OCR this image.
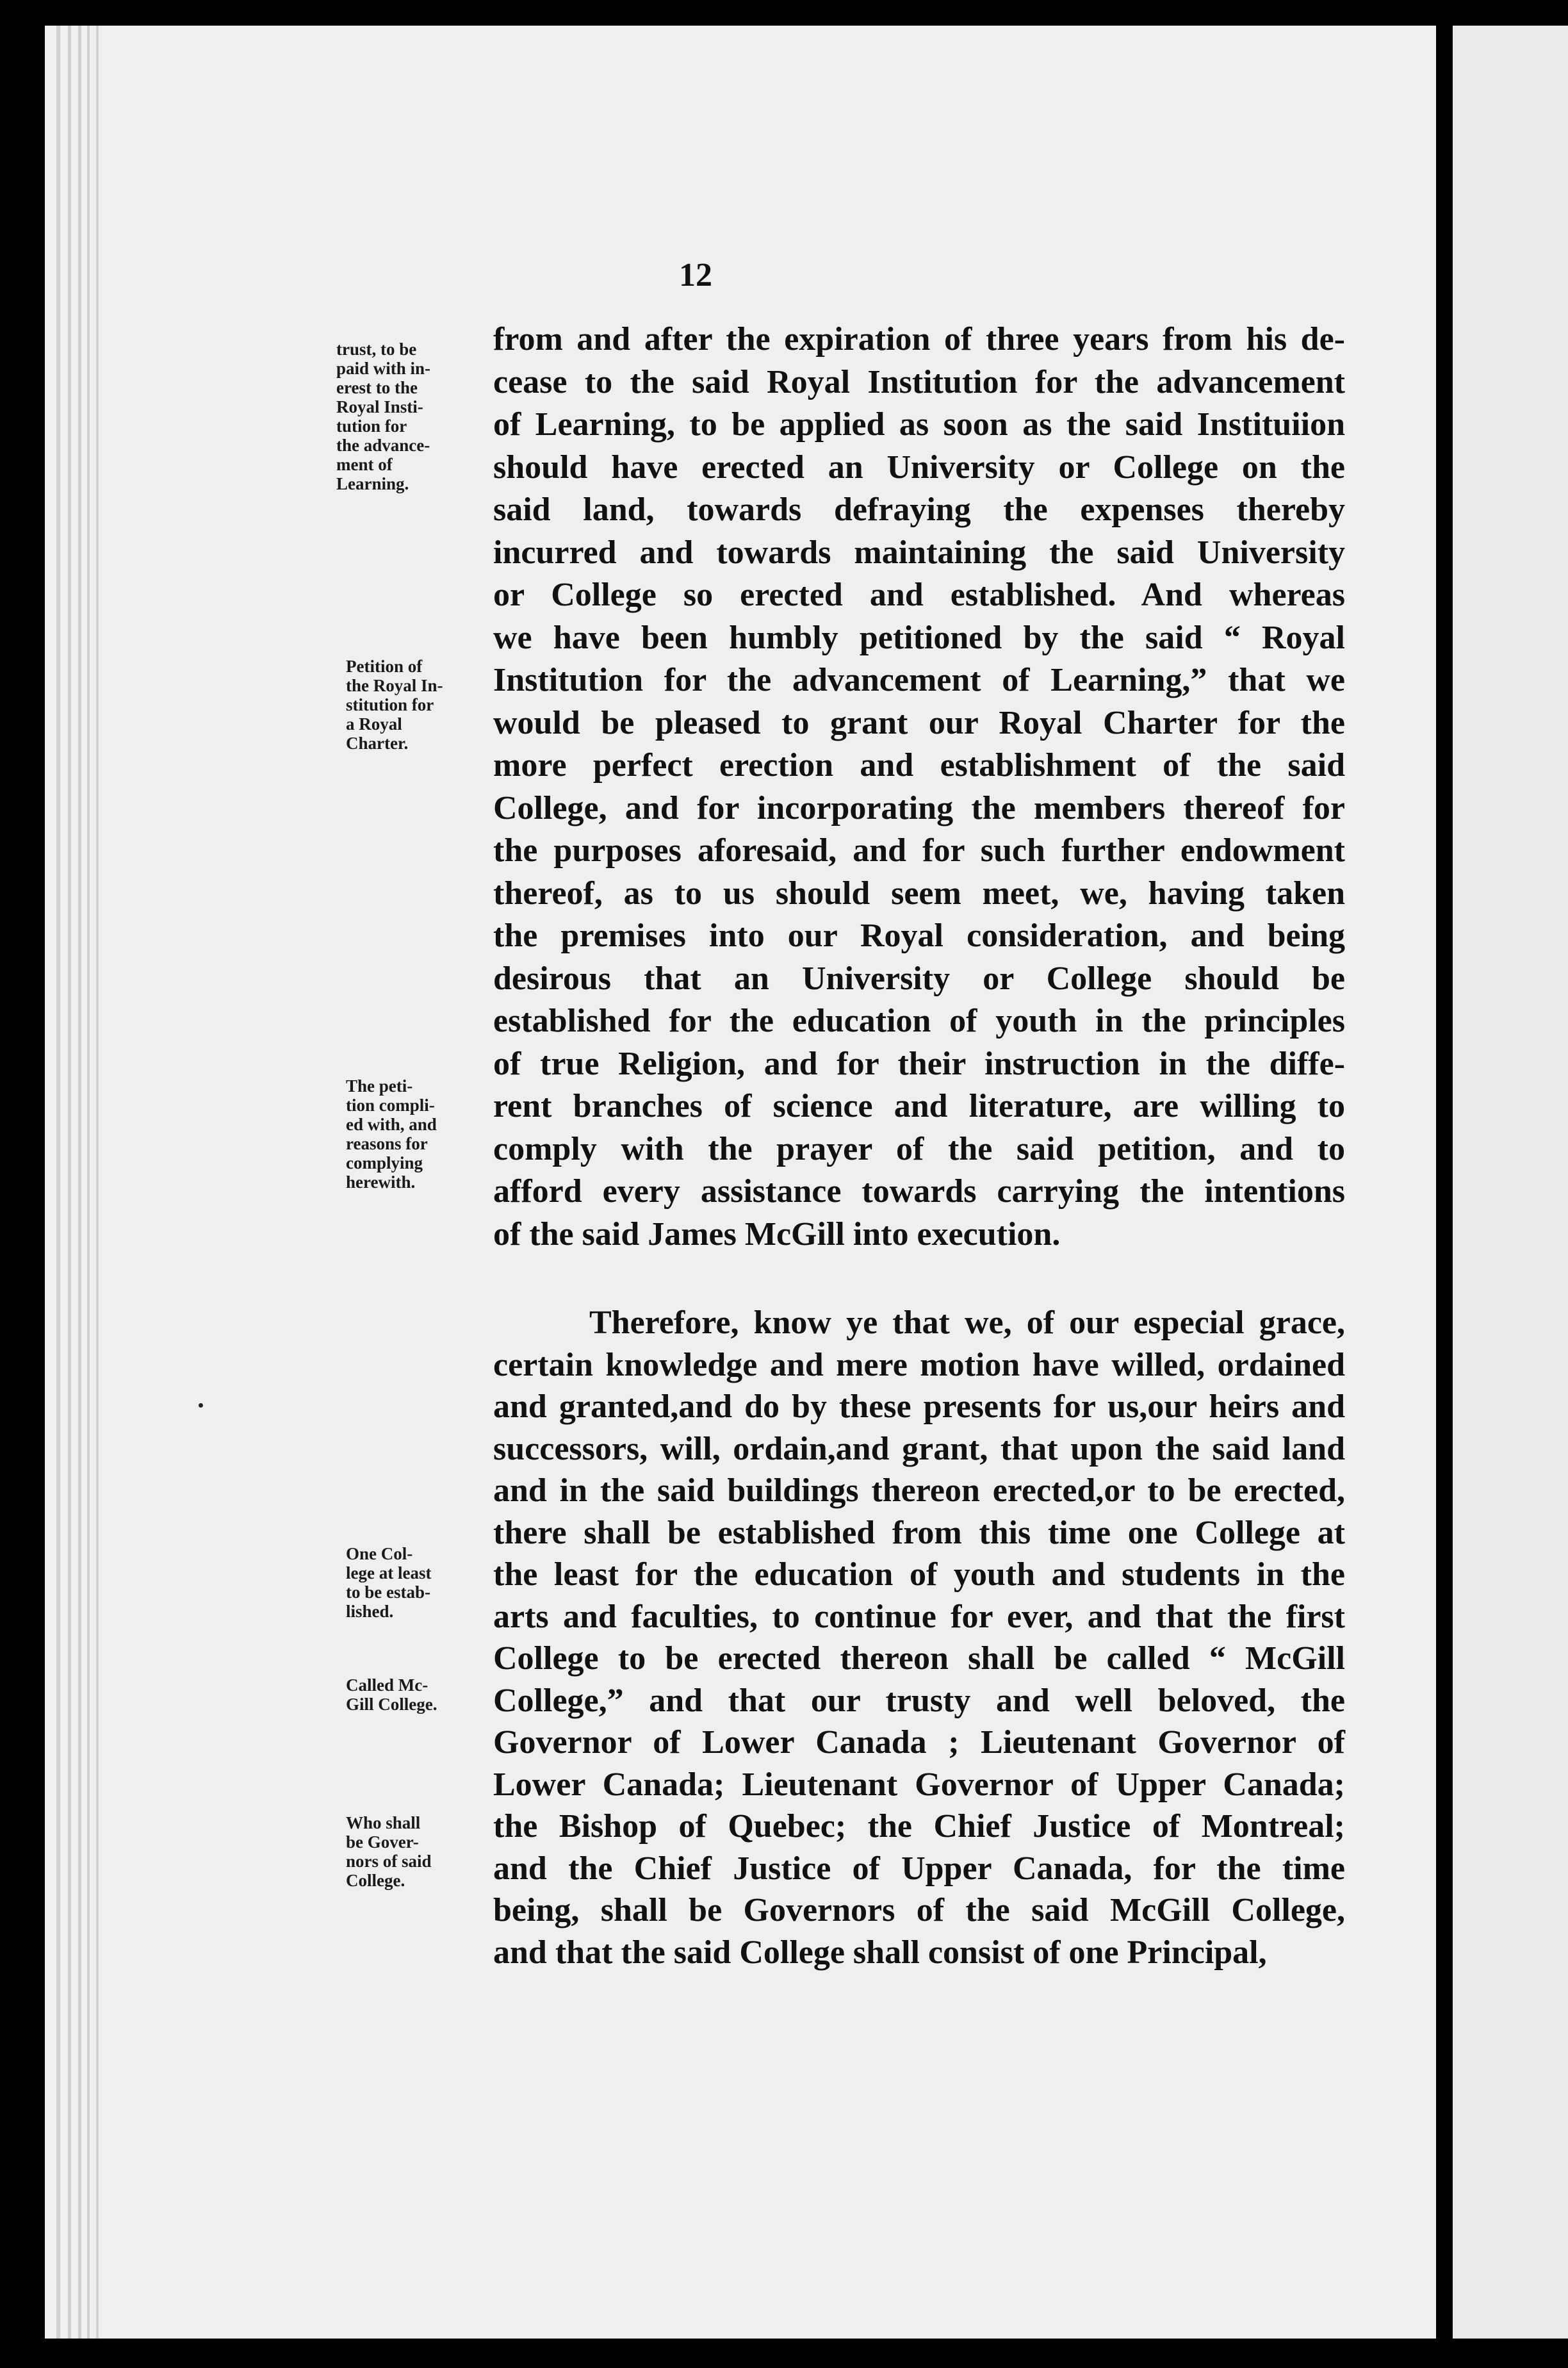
12
from and after the expiration of three years from his de-
cease to the said Royal Institution for the advancement
of Learning, to be applied as soon as the said Instituiion
should have erected an University or College on the
said land, towards defraying the expenses thereby
incurred and towards maintaining the said University
or College so erected and established. And whereas
we have been humbly petitioned by the said “ Royal
Institution for the advancement of Learning,” that we
would be pleased to grant our Royal Charter for the
more perfect erection and establishment of the said
College, and for incorporating the members thereof for
the purposes aforesaid, and for such further endowment
thereof, as to us should seem meet, we, having taken
the premises into our Royal consideration, and being
desirous that an University or College should be
established for the education of youth in the principles
of true Religion, and for their instruction in the diffe-
rent branches of science and literature, are willing to
comply with the prayer of the said petition, and to
afford every assistance towards carrying the intentions
of the said James McGill into execution.
Therefore, know ye that we, of our especial grace,
certain knowledge and mere motion have willed, ordained
and granted,and do by these presents for us,our heirs and
successors, will, ordain,and grant, that upon the said land
and in the said buildings thereon erected,or to be erected,
there shall be established from this time one College at
the least for the education of youth and students in the
arts and faculties, to continue for ever, and that the first
College to be erected thereon shall be called “ McGill
College,” and that our trusty and well beloved, the
Governor of Lower Canada ; Lieutenant Governor of
Lower Canada; Lieutenant Governor of Upper Canada;
the Bishop of Quebec; the Chief Justice of Montreal;
and the Chief Justice of Upper Canada, for the time
being, shall be Governors of the said McGill College,
and that the said College shall consist of one Principal,
trust, to be
paid with in-
erest to the
Royal Insti-
tution for
the advance-
ment of
Learning.
Petition of
the Royal In-
stitution for
a Royal
Charter.
The peti-
tion compli-
ed with, and
reasons for
complying
herewith.
One Col-
lege at least
to be estab-
lished.
Called Mc-
Gill College.
Who shall
be Gover-
nors of said
College.
